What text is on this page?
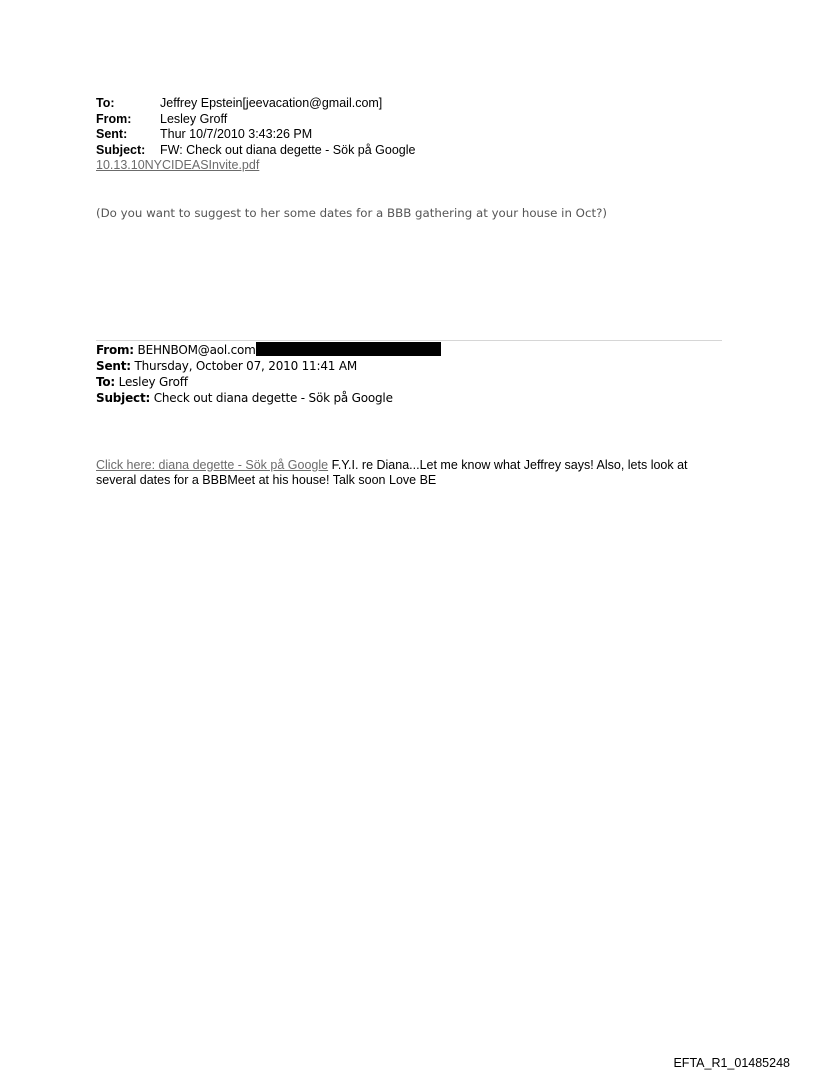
To:	Jeffrey Epstein[jeevacation@gmail.com]
From:	Lesley Groff
Sent:	Thur 10/7/2010 3:43:26 PM
Subject:	FW: Check out diana degette - Sök på Google
10.13.10NYCIDEASInvite.pdf
(Do you want to suggest to her some dates for a BBB gathering at your house in Oct?)
From: BEHNBOM@aol.com
Sent: Thursday, October 07, 2010 11:41 AM
To: Lesley Groff
Subject: Check out diana degette - Sök på Google
Click here: diana degette - Sök på Google F.Y.I. re Diana...Let me know what Jeffrey says! Also, lets look at several dates for a BBBMeet at his house! Talk soon Love BE
EFTA_R1_01485248
